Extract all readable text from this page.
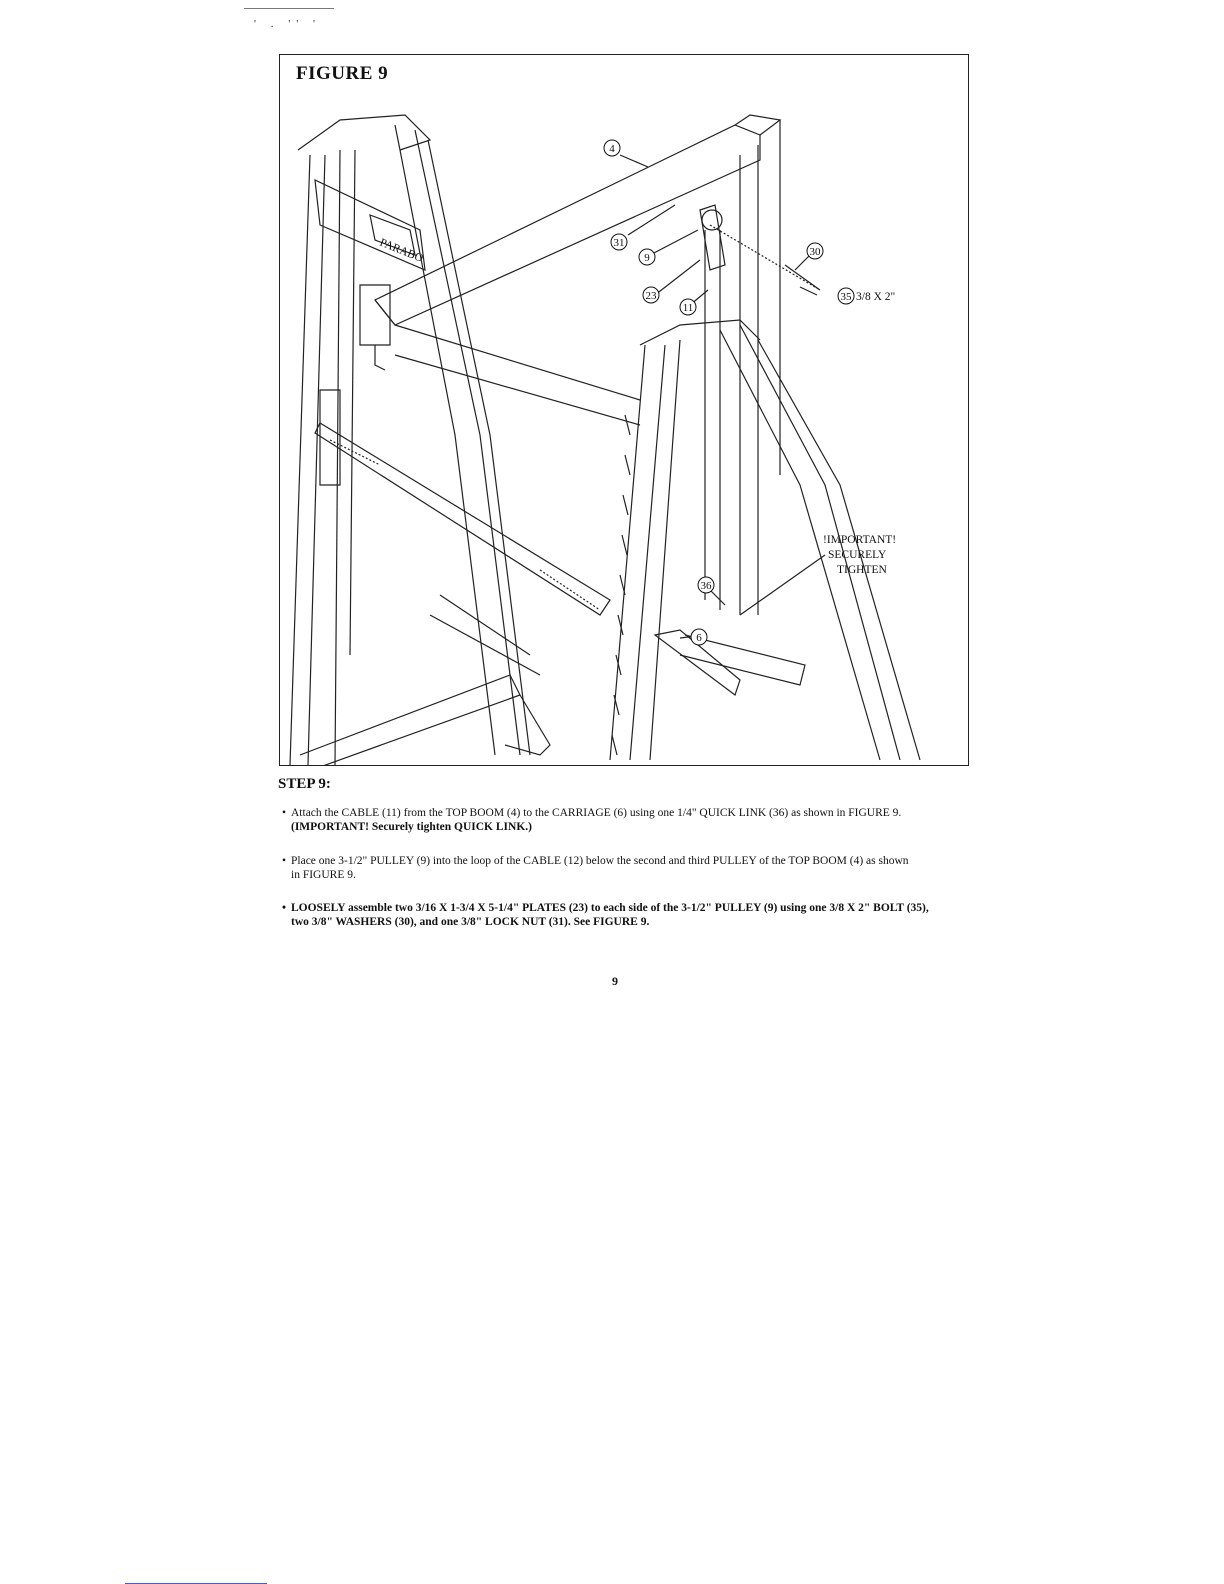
' . '' '
FIGURE 9
4
31
9
23
11
30
35
36
6
3/8 X 2"
PARABO
!IMPORTANT!
SECURELY
TIGHTEN
STEP 9:
• Attach the CABLE (11) from the TOP BOOM (4) to the CARRIAGE (6) using one 1/4" QUICK LINK (36) as shown in FIGURE 9.
(IMPORTANT! Securely tighten QUICK LINK.)
• Place one 3-1/2" PULLEY (9) into the loop of the CABLE (12) below the second and third PULLEY of the TOP BOOM (4) as shown
in FIGURE 9.
• LOOSELY assemble two 3/16 X 1-3/4 X 5-1/4" PLATES (23) to each side of the 3-1/2" PULLEY (9) using one 3/8 X 2" BOLT (35),
two 3/8" WASHERS (30), and one 3/8" LOCK NUT (31). See FIGURE 9.
9
